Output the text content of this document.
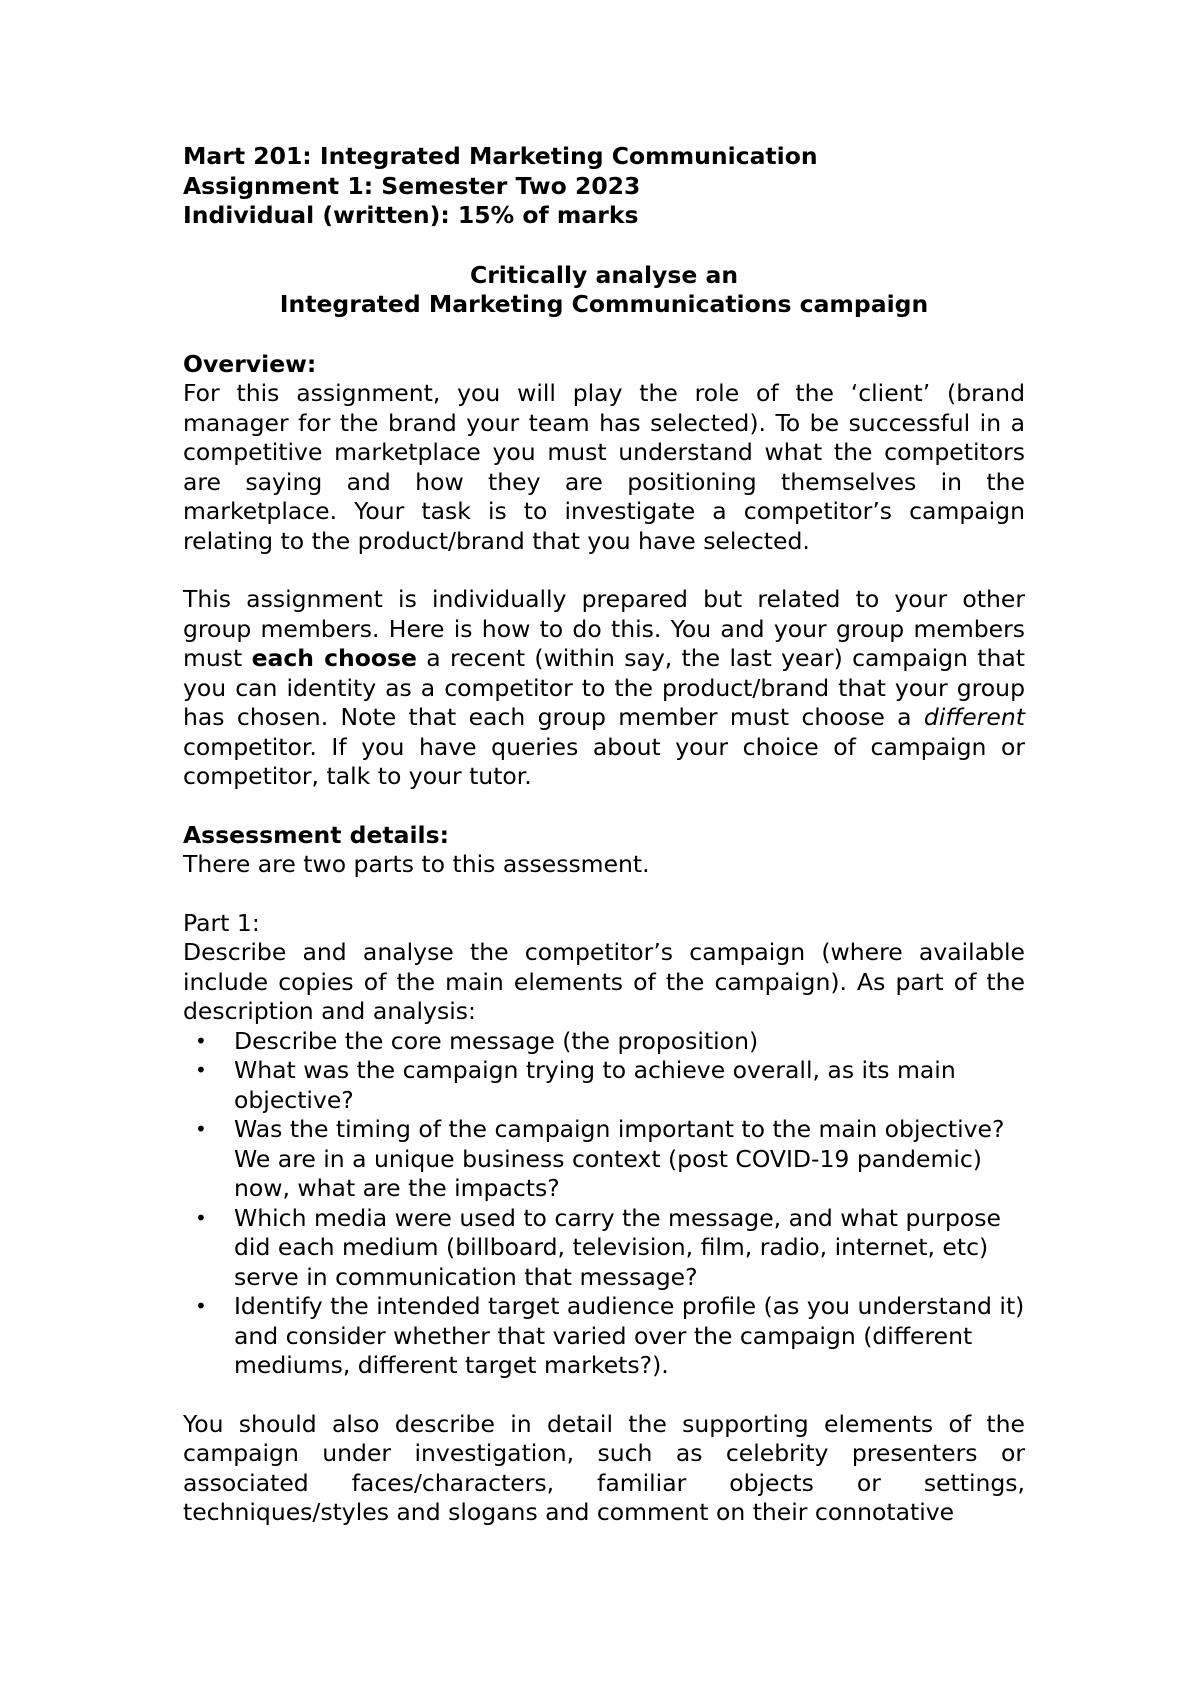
Mart 201: Integrated Marketing Communication
Assignment 1: Semester Two 2023
Individual (written): 15% of marks
Critically analyse an
Integrated Marketing Communications campaign
Overview:
For this assignment, you will play the role of the ‘client’ (brand manager for the brand your team has selected). To be successful in a competitive marketplace you must understand what the competitors are saying and how they are positioning themselves in the marketplace. Your task is to investigate a competitor’s campaign relating to the product/brand that you have selected.
This assignment is individually prepared but related to your other group members. Here is how to do this. You and your group members must each choose a recent (within say, the last year) campaign that you can identity as a competitor to the product/brand that your group has chosen. Note that each group member must choose a different competitor. If you have queries about your choice of campaign or competitor, talk to your tutor.
Assessment details:
There are two parts to this assessment.
Part 1:
Describe and analyse the competitor’s campaign (where available include copies of the main elements of the campaign). As part of the description and analysis:
• Describe the core message (the proposition)
• What was the campaign trying to achieve overall, as its main objective?
• Was the timing of the campaign important to the main objective? We are in a unique business context (post COVID-19 pandemic) now, what are the impacts?
• Which media were used to carry the message, and what purpose did each medium (billboard, television, film, radio, internet, etc) serve in communication that message?
• Identify the intended target audience profile (as you understand it) and consider whether that varied over the campaign (different mediums, different target markets?).
You should also describe in detail the supporting elements of the campaign under investigation, such as celebrity presenters or associated faces/characters, familiar objects or settings, techniques/styles and slogans and comment on their connotative
